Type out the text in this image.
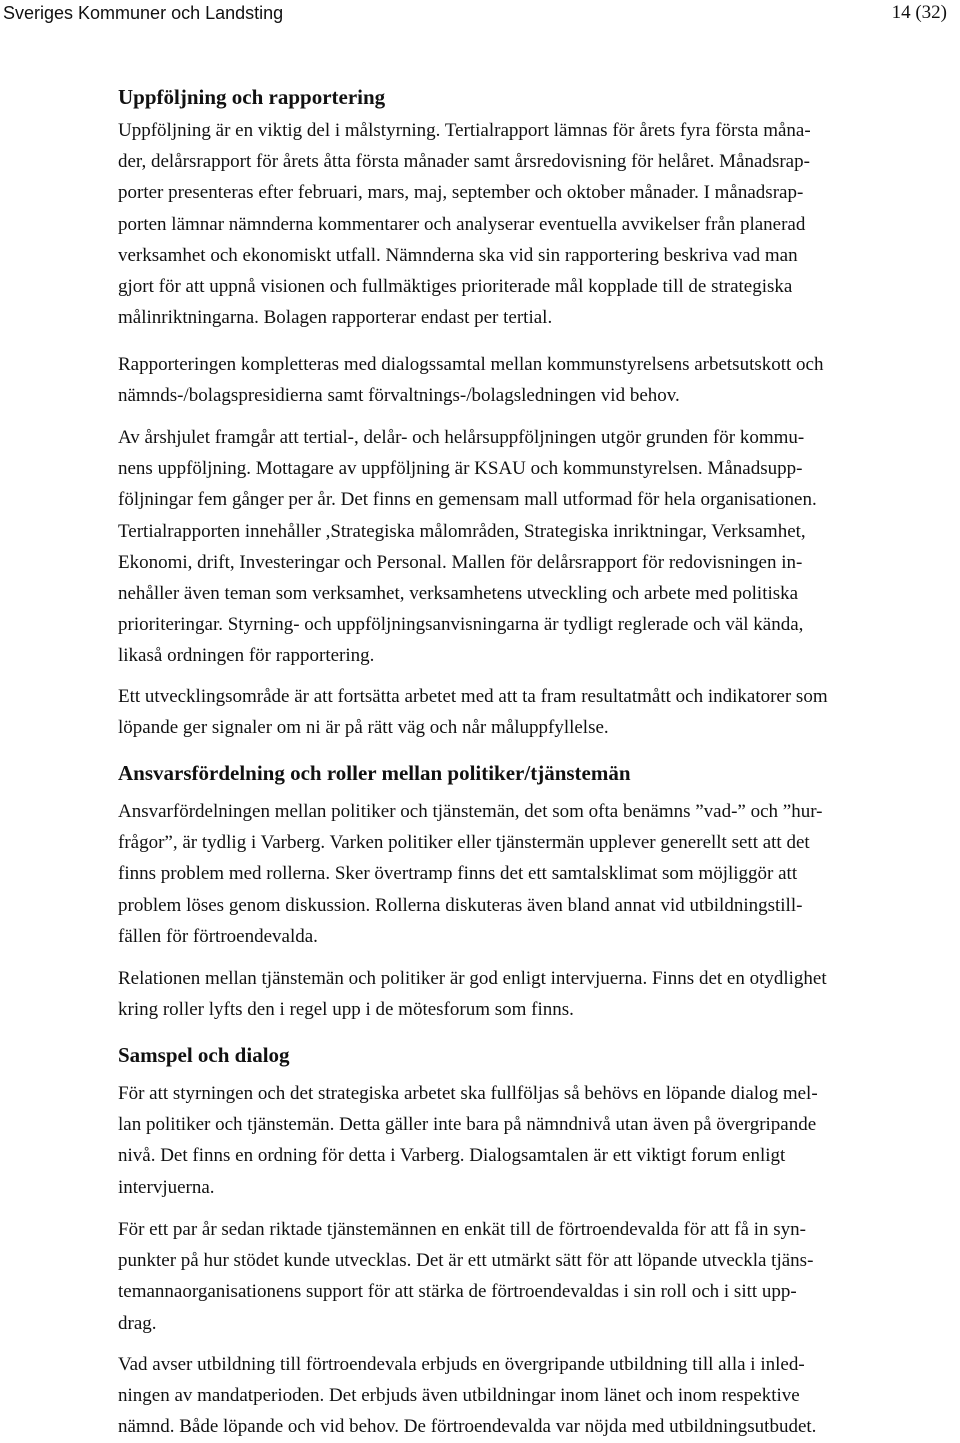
Sveriges Kommuner och Landsting	14 (32)
Uppföljning och rapportering
Uppföljning är en viktig del i målstyrning. Tertialrapport lämnas för årets fyra första måna-
der, delårsrapport för årets åtta första månader samt årsredovisning för helåret. Månadsrap-
porter presenteras efter februari, mars, maj, september och oktober månader. I månadsrap-
porten lämnar nämnderna kommentarer och analyserar eventuella avvikelser från planerad
verksamhet och ekonomiskt utfall. Nämnderna ska vid sin rapportering beskriva vad man
gjort för att uppnå visionen och fullmäktiges prioriterade mål kopplade till de strategiska
målinriktningarna. Bolagen rapporterar endast per tertial.
Rapporteringen kompletteras med dialogssamtal mellan kommunstyrelsens arbetsutskott och
nämnds-/bolagspresidierna samt förvaltnings-/bolagsledningen vid behov.
Av årshjulet framgår att tertial-, delår- och helårsuppföljningen utgör grunden för kommu-
nens uppföljning. Mottagare av uppföljning är KSAU och kommunstyrelsen. Månadsupp-
följningar fem gånger per år. Det finns en gemensam mall utformad för hela organisationen.
Tertialrapporten innehåller ,Strategiska målområden, Strategiska inriktningar, Verksamhet,
Ekonomi, drift, Investeringar och Personal. Mallen för delårsrapport för redovisningen in-
nehåller även teman som verksamhet, verksamhetens utveckling och arbete med politiska
prioriteringar. Styrning- och uppföljningsanvisningarna är tydligt reglerade och väl kända,
likaså ordningen för rapportering.
Ett utvecklingsområde är att fortsätta arbetet med att ta fram resultatmått och indikatorer som
löpande ger signaler om ni är på rätt väg och når måluppfyllelse.
Ansvarsfördelning och roller mellan politiker/tjänstemän
Ansvarfördelningen mellan politiker och tjänstemän, det som ofta benämns ”vad-” och ”hur-
frågor”, är tydlig i Varberg. Varken politiker eller tjänstermän upplever generellt sett att det
finns problem med rollerna. Sker övertramp finns det ett samtalsklimat som möjliggör att
problem löses genom diskussion. Rollerna diskuteras även bland annat vid utbildningstill-
fällen för förtroendevalda.
Relationen mellan tjänstemän och politiker är god enligt intervjuerna. Finns det en otydlighet
kring roller lyfts den i regel upp i de mötesforum som finns.
Samspel och dialog
För att styrningen och det strategiska arbetet ska fullföljas så behövs en löpande dialog mel-
lan politiker och tjänstemän. Detta gäller inte bara på nämndnivå utan även på övergripande
nivå. Det finns en ordning för detta i Varberg. Dialogsamtalen är ett viktigt forum enligt
intervjuerna.
För ett par år sedan riktade tjänstemännen en enkät till de förtroendevalda för att få in syn-
punkter på hur stödet kunde utvecklas. Det är ett utmärkt sätt för att löpande utveckla tjäns-
temannaorganisationens support för att stärka de förtroendevaldas i sin roll och i sitt upp-
drag.
Vad avser utbildning till förtroendevala erbjuds en övergripande utbildning till alla i inled-
ningen av mandatperioden. Det erbjuds även utbildningar inom länet och inom respektive
nämnd. Både löpande och vid behov. De förtroendevalda var nöjda med utbildningsutbudet.
